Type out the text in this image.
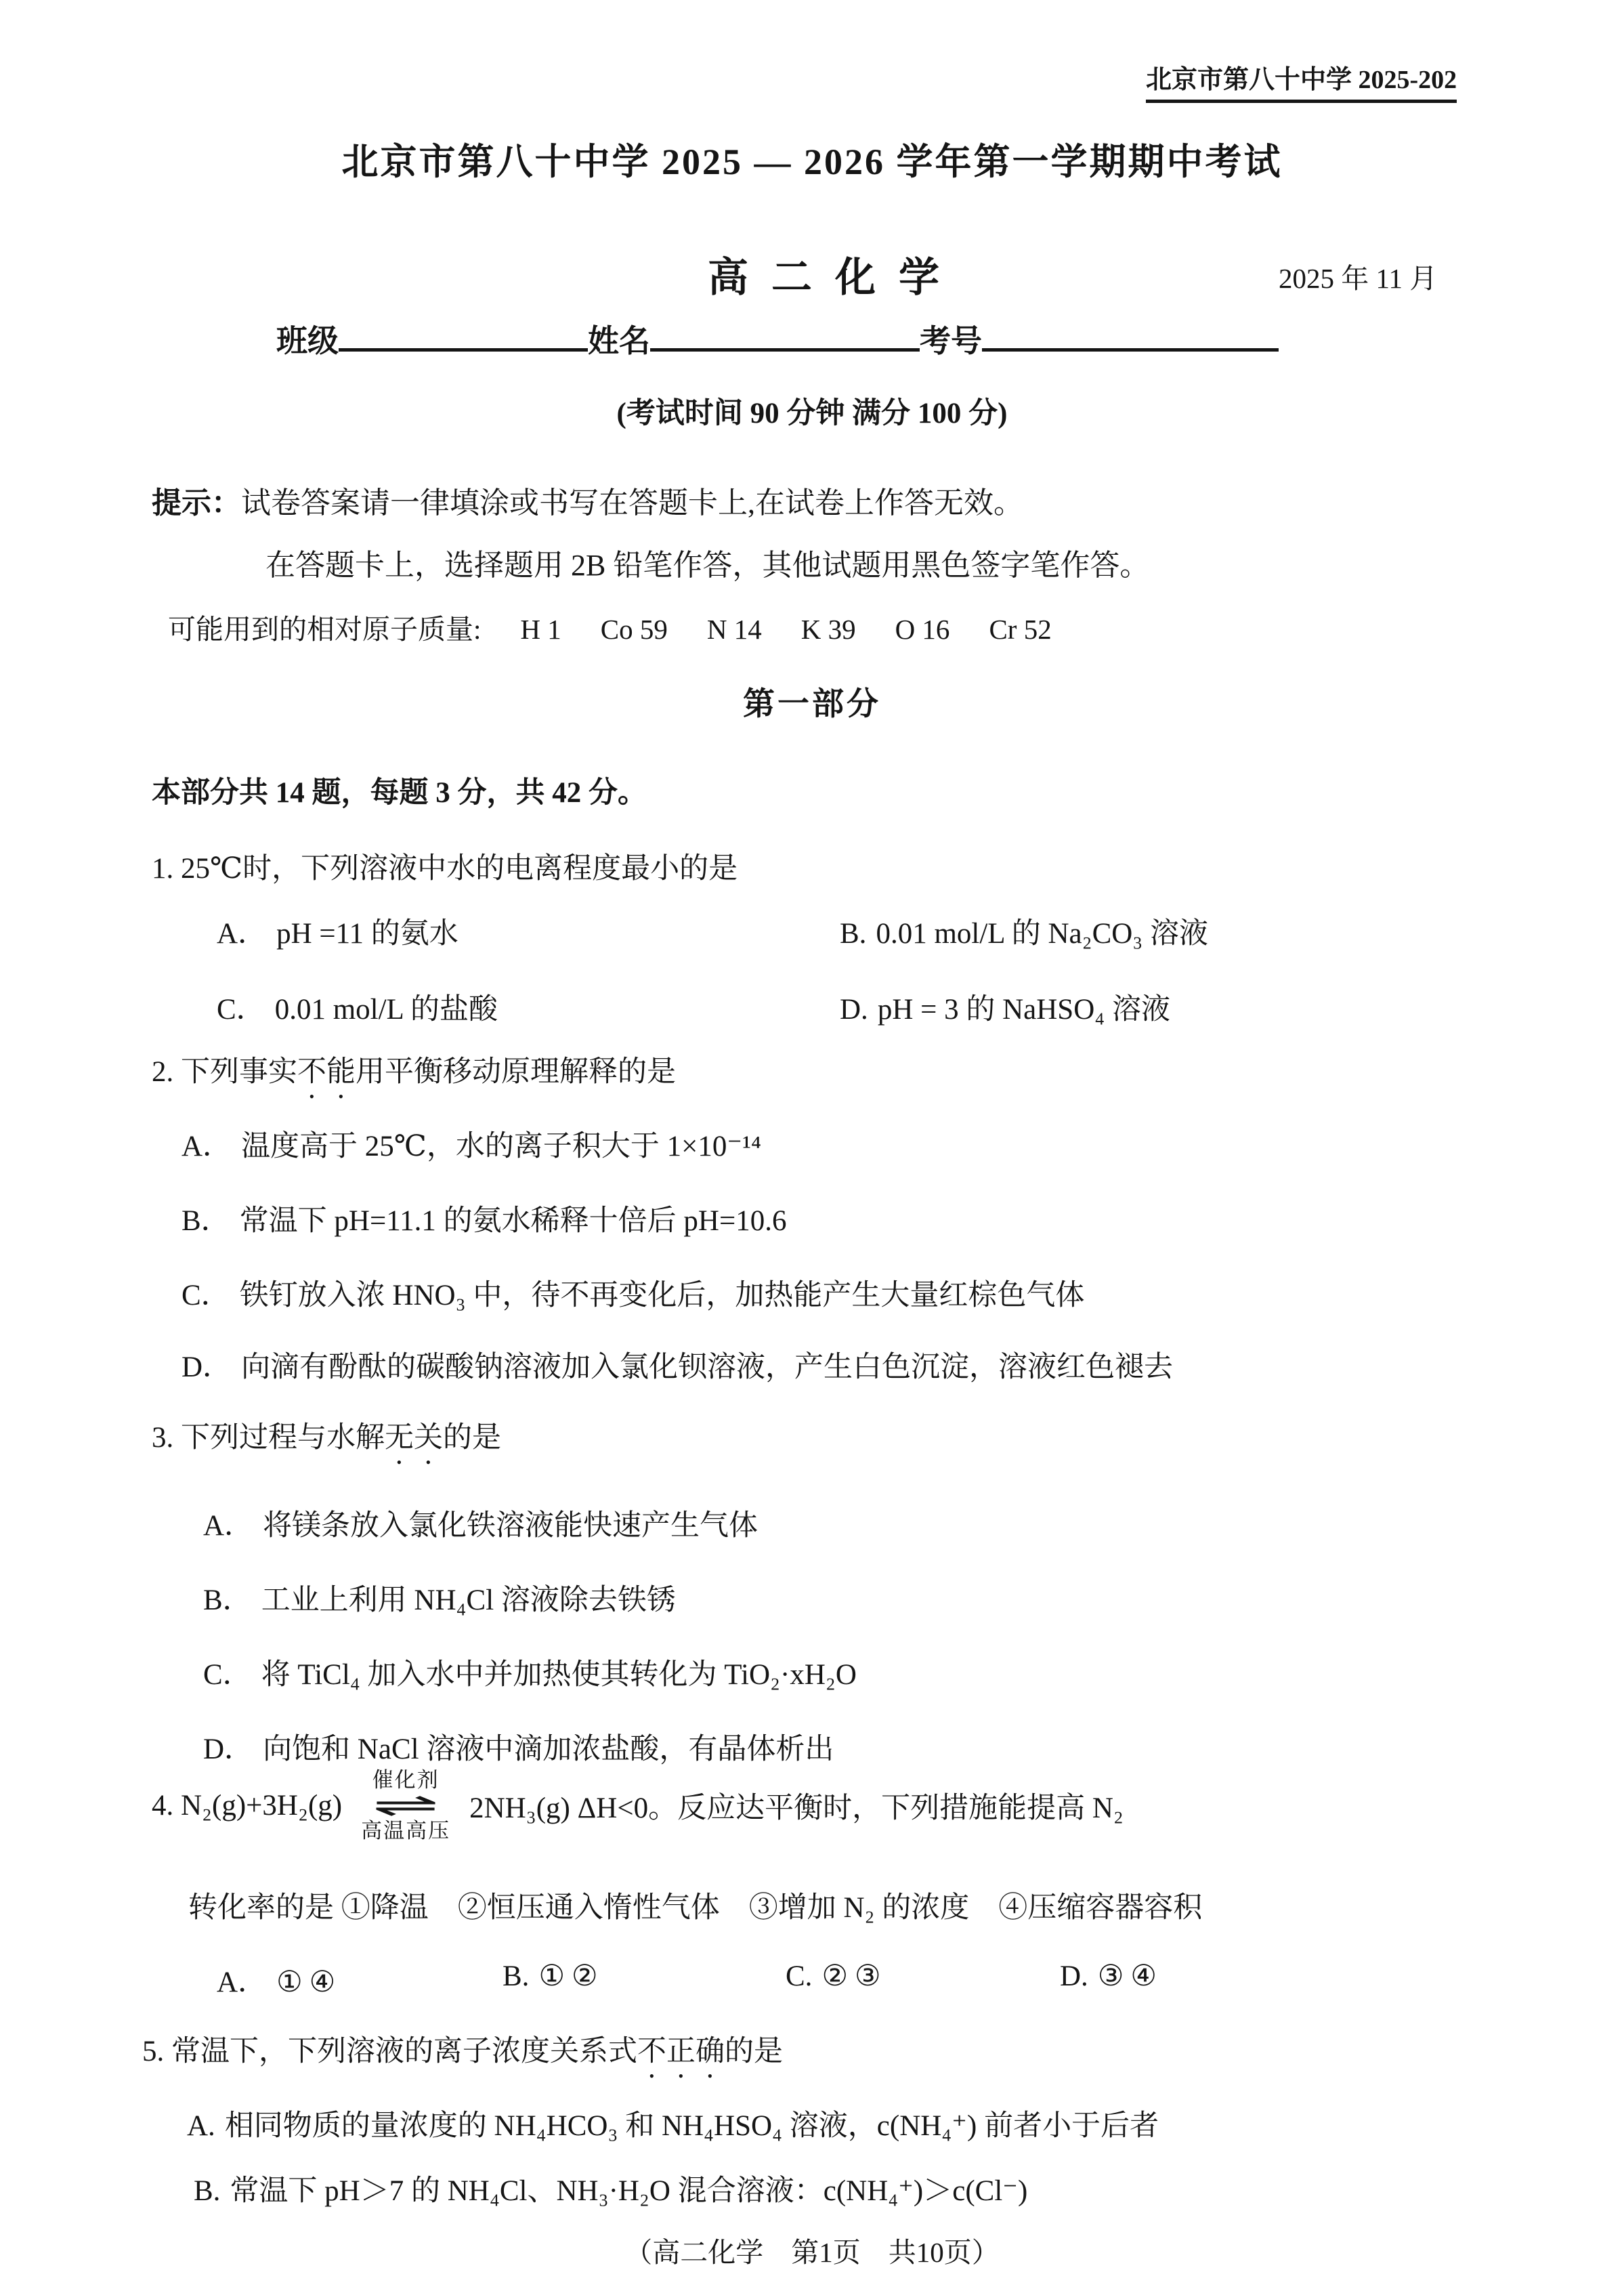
北京市第八十中学 2025-202
北京市第八十中学 2025 — 2026 学年第一学期期中考试
高二化学	2025 年 11 月
班级	姓名	考号
(考试时间 90 分钟 满分 100 分)
提示：试卷答案请一律填涂或书写在答题卡上,在试卷上作答无效。
在答题卡上，选择题用 2B 铅笔作答，其他试题用黑色签字笔作答。
可能用到的相对原子质量: H 1 Co 59 N 14 K 39 O 16 Cr 52
第一部分
本部分共 14 题，每题 3 分，共 42 分。
1. 25℃时，下列溶液中水的电离程度最小的是
A． pH =11 的氨水	B. 0.01 mol/L 的 Na₂CO₃ 溶液
C． 0.01 mol/L 的盐酸	D. pH = 3 的 NaHSO₄ 溶液
2. 下列事实不能用平衡移动原理解释的是
A． 温度高于 25℃，水的离子积大于 1×10⁻¹⁴
B． 常温下 pH=11.1 的氨水稀释十倍后 pH=10.6
C． 铁钉放入浓 HNO₃ 中，待不再变化后，加热能产生大量红棕色气体
D． 向滴有酚酞的碳酸钠溶液加入氯化钡溶液，产生白色沉淀，溶液红色褪去
3. 下列过程与水解无关的是
A． 将镁条放入氯化铁溶液能快速产生气体
B． 工业上利用 NH₄Cl 溶液除去铁锈
C． 将 TiCl₄ 加入水中并加热使其转化为 TiO₂·xH₂O
D． 向饱和 NaCl 溶液中滴加浓盐酸，有晶体析出
4. N₂(g)+3H₂(g)
催化剂
⇌
高温高压
2NH₃(g) ΔH<0。反应达平衡时，下列措施能提高 N₂
转化率的是 ①降温　②恒压通入惰性气体　③增加 N₂ 的浓度　④压缩容器容积
A． ①④	B. ①②	C. ②③	D. ③④
5. 常温下，下列溶液的离子浓度关系式不正确的是
A. 相同物质的量浓度的 NH₄HCO₃ 和 NH₄HSO₄ 溶液，c(NH₄⁺) 前者小于后者
B. 常温下 pH＞7 的 NH₄Cl、NH₃·H₂O 混合溶液：c(NH₄⁺)＞c(Cl⁻)
（高二化学　第1页　共10页）
